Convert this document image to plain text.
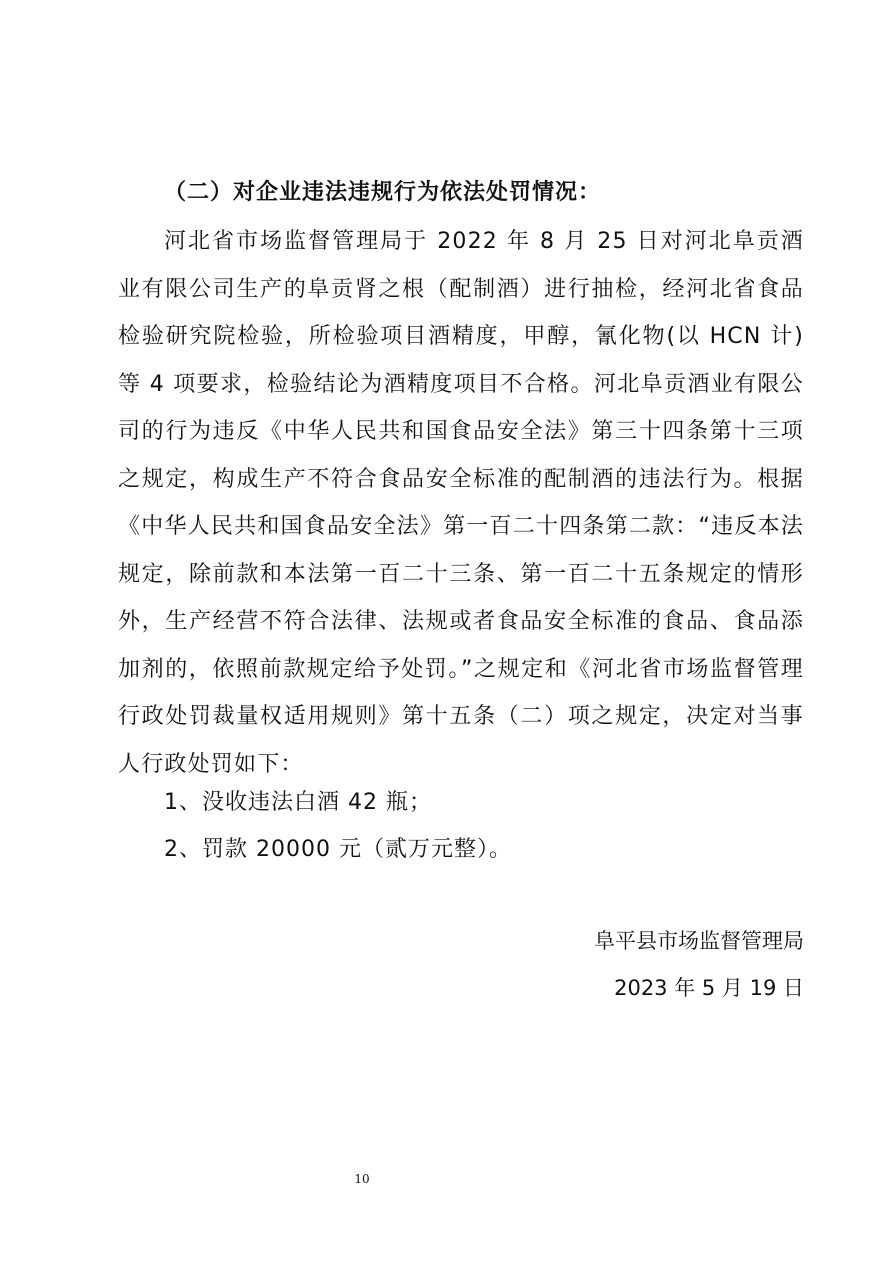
（二）对企业违法违规行为依法处罚情况：

河北省市场监督管理局于 2022 年 8 月 25 日对河北阜贡酒业有限公司生产的阜贡肾之根（配制酒）进行抽检，经河北省食品检验研究院检验，所检验项目酒精度，甲醇，氰化物(以 HCN 计)等 4 项要求，检验结论为酒精度项目不合格。河北阜贡酒业有限公司的行为违反《中华人民共和国食品安全法》第三十四条第十三项之规定，构成生产不符合食品安全标准的配制酒的违法行为。根据《中华人民共和国食品安全法》第一百二十四条第二款：“违反本法规定，除前款和本法第一百二十三条、第一百二十五条规定的情形外，生产经营不符合法律、法规或者食品安全标准的食品、食品添加剂的，依照前款规定给予处罚。”之规定和《河北省市场监督管理行政处罚裁量权适用规则》第十五条（二）项之规定，决定对当事人行政处罚如下：

1、没收违法白酒 42 瓶；
2、罚款 20000 元（贰万元整）。
阜平县市场监督管理局
2023 年 5 月 19 日
10
